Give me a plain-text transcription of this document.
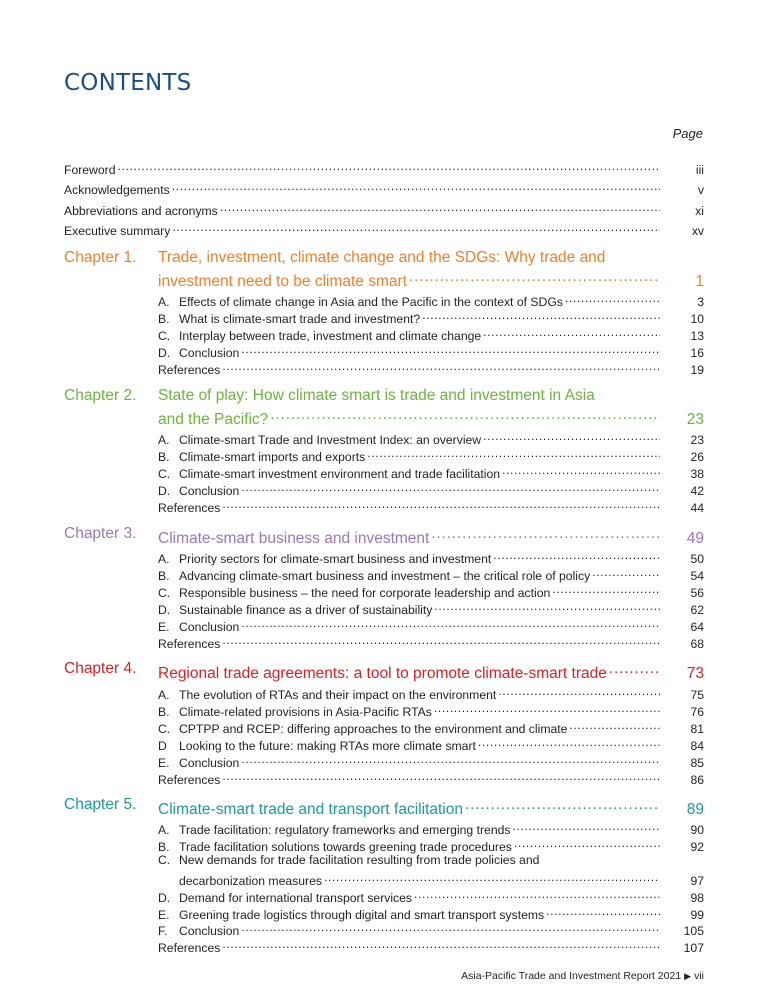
CONTENTS
Page
Foreword .....	iii
Acknowledgements .....	v
Abbreviations and acronyms .....	xi
Executive summary .....	xv
Chapter 1. Trade, investment, climate change and the SDGs: Why trade and
investment need to be climate smart .....	1
A. Effects of climate change in Asia and the Pacific in the context of SDGs .....	3
B. What is climate-smart trade and investment? .....	10
C. Interplay between trade, investment and climate change .....	13
D. Conclusion .....	16
References .....	19
Chapter 2. State of play: How climate smart is trade and investment in Asia
and the Pacific? .....	23
A. Climate-smart Trade and Investment Index: an overview .....	23
B. Climate-smart imports and exports .....	26
C. Climate-smart investment environment and trade facilitation .....	38
D. Conclusion .....	42
References .....	44
Chapter 3. Climate-smart business and investment .....	49
A. Priority sectors for climate-smart business and investment .....	50
B. Advancing climate-smart business and investment – the critical role of policy .....	54
C. Responsible business – the need for corporate leadership and action .....	56
D. Sustainable finance as a driver of sustainability .....	62
E. Conclusion .....	64
References .....	68
Chapter 4. Regional trade agreements: a tool to promote climate-smart trade .....	73
A. The evolution of RTAs and their impact on the environment .....	75
B. Climate-related provisions in Asia-Pacific RTAs .....	76
C. CPTPP and RCEP: differing approaches to the environment and climate .....	81
D Looking to the future: making RTAs more climate smart .....	84
E. Conclusion .....	85
References .....	86
Chapter 5. Climate-smart trade and transport facilitation .....	89
A. Trade facilitation: regulatory frameworks and emerging trends .....	90
B. Trade facilitation solutions towards greening trade procedures .....	92
C. New demands for trade facilitation resulting from trade policies and
decarbonization measures .....	97
D. Demand for international transport services .....	98
E. Greening trade logistics through digital and smart transport systems .....	99
F. Conclusion .....	105
References .....	107
Asia-Pacific Trade and Investment Report 2021 ▶ vii
